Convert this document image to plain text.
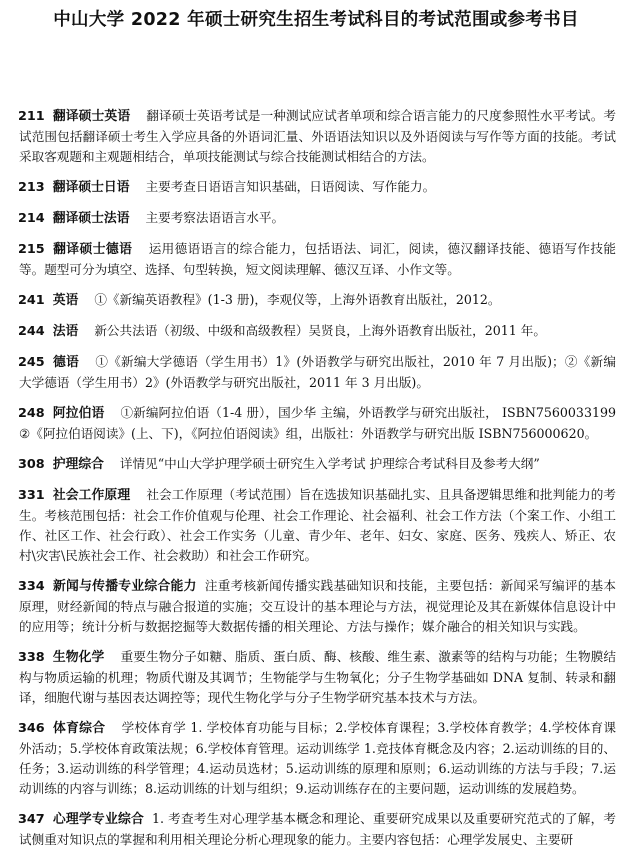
中山大学 2022 年硕士研究生招生考试科目的考试范围或参考书目
211 翻译硕士英语 翻译硕士英语考试是一种测试应试者单项和综合语言能力的尺度参照性水平考试。考试范围包括翻译硕士考生入学应具备的外语词汇量、外语语法知识以及外语阅读与写作等方面的技能。考试采取客观题和主观题相结合，单项技能测试与综合技能测试相结合的方法。
213 翻译硕士日语 主要考查日语语言知识基础，日语阅读、写作能力。
214 翻译硕士法语 主要考察法语语言水平。
215 翻译硕士德语 运用德语语言的综合能力，包括语法、词汇，阅读，德汉翻译技能、德语写作技能等。题型可分为填空、选择、句型转换，短文阅读理解、德汉互译、小作文等。
241 英语 ①《新编英语教程》(1-3 册)，李观仪等，上海外语教育出版社，2012。
244 法语 新公共法语（初级、中级和高级教程）吴贤良，上海外语教育出版社，2011 年。
245 德语 ①《新编大学德语（学生用书）1》(外语教学与研究出版社，2010 年 7 月出版)；②《新编大学德语（学生用书）2》(外语教学与研究出版社，2011 年 3 月出版)。
248 阿拉伯语 ①新编阿拉伯语（1-4 册），国少华 主编，外语教学与研究出版社， ISBN7560033199 ②《阿拉伯语阅读》(上、下)，《阿拉伯语阅读》组，出版社：外语教学与研究出版 ISBN756000620。
308 护理综合 详情见“中山大学护理学硕士研究生入学考试 护理综合考试科目及参考大纲”
331 社会工作原理 社会工作原理（考试范围）旨在选拔知识基础扎实、且具备逻辑思维和批判能力的考生。考核范围包括：社会工作价值观与伦理、社会工作理论、社会福利、社会工作方法（个案工作、小组工作、社区工作、社会行政）、社会工作实务（儿童、青少年、老年、妇女、家庭、医务、残疾人、矫正、农村\灾害\民族社会工作、社会救助）和社会工作研究。
334 新闻与传播专业综合能力 注重考核新闻传播实践基础知识和技能，主要包括：新闻采写编评的基本原理，财经新闻的特点与融合报道的实施；交互设计的基本理论与方法，视觉理论及其在新媒体信息设计中的应用等；统计分析与数据挖掘等大数据传播的相关理论、方法与操作；媒介融合的相关知识与实践。
338 生物化学 重要生物分子如糖、脂质、蛋白质、酶、核酸、维生素、激素等的结构与功能；生物膜结构与物质运输的机理；物质代谢及其调节；生物能学与生物氧化；分子生物学基础如 DNA 复制、转录和翻译，细胞代谢与基因表达调控等；现代生物化学与分子生物学研究基本技术与方法。
346 体育综合 学校体育学 1. 学校体育功能与目标；2.学校体育课程；3.学校体育教学；4.学校体育课外活动；5.学校体育政策法规；6.学校体育管理。运动训练学 1.竞技体育概念及内容；2.运动训练的目的、任务；3.运动训练的科学管理；4.运动员选材；5.运动训练的原理和原则；6.运动训练的方法与手段；7.运动训练的内容与训练；8.运动训练的计划与组织；9.运动训练存在的主要问题，运动训练的发展趋势。
347 心理学专业综合 1. 考查考生对心理学基本概念和理论、重要研究成果以及重要研究范式的了解，考试侧重对知识点的掌握和利用相关理论分析心理现象的能力。主要内容包括：心理学发展史、主要研
